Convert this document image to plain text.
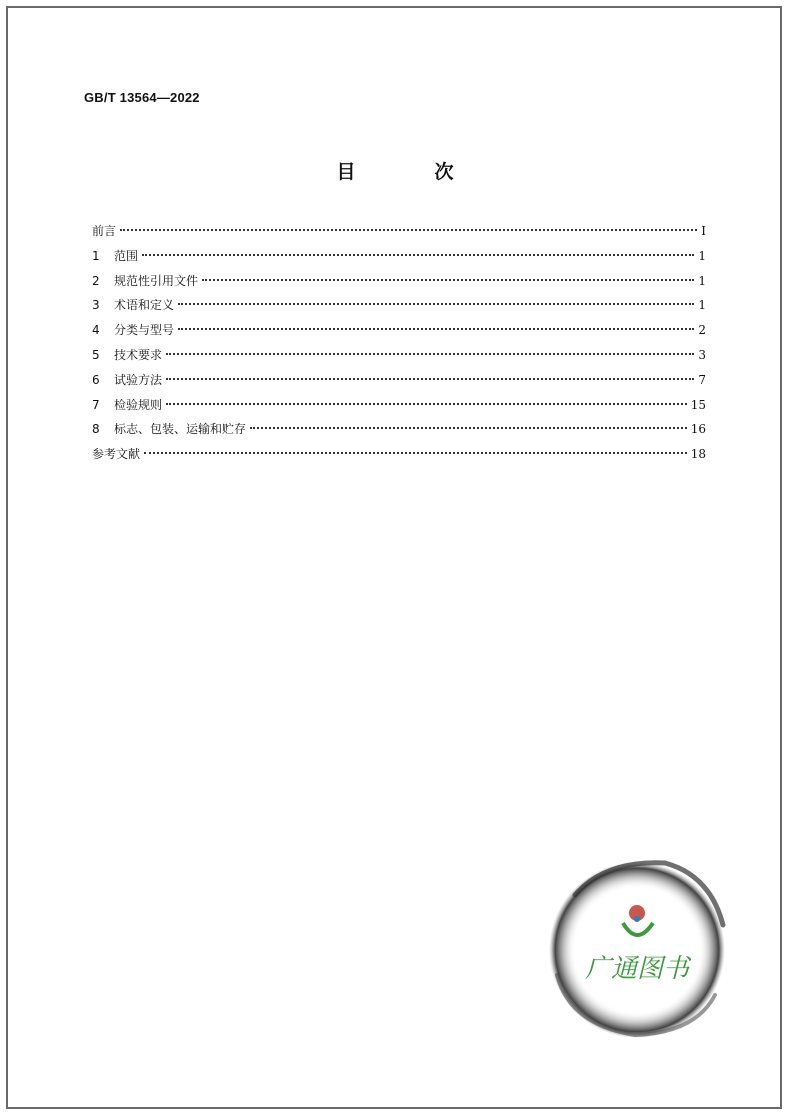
GB/T 13564—2022
目　次
前言	Ⅰ
1	范围	1
2	规范性引用文件	1
3	术语和定义	1
4	分类与型号	2
5	技术要求	3
6	试验方法	7
7	检验规则	15
8	标志、包装、运输和贮存	16
参考文献	18
广通图书
